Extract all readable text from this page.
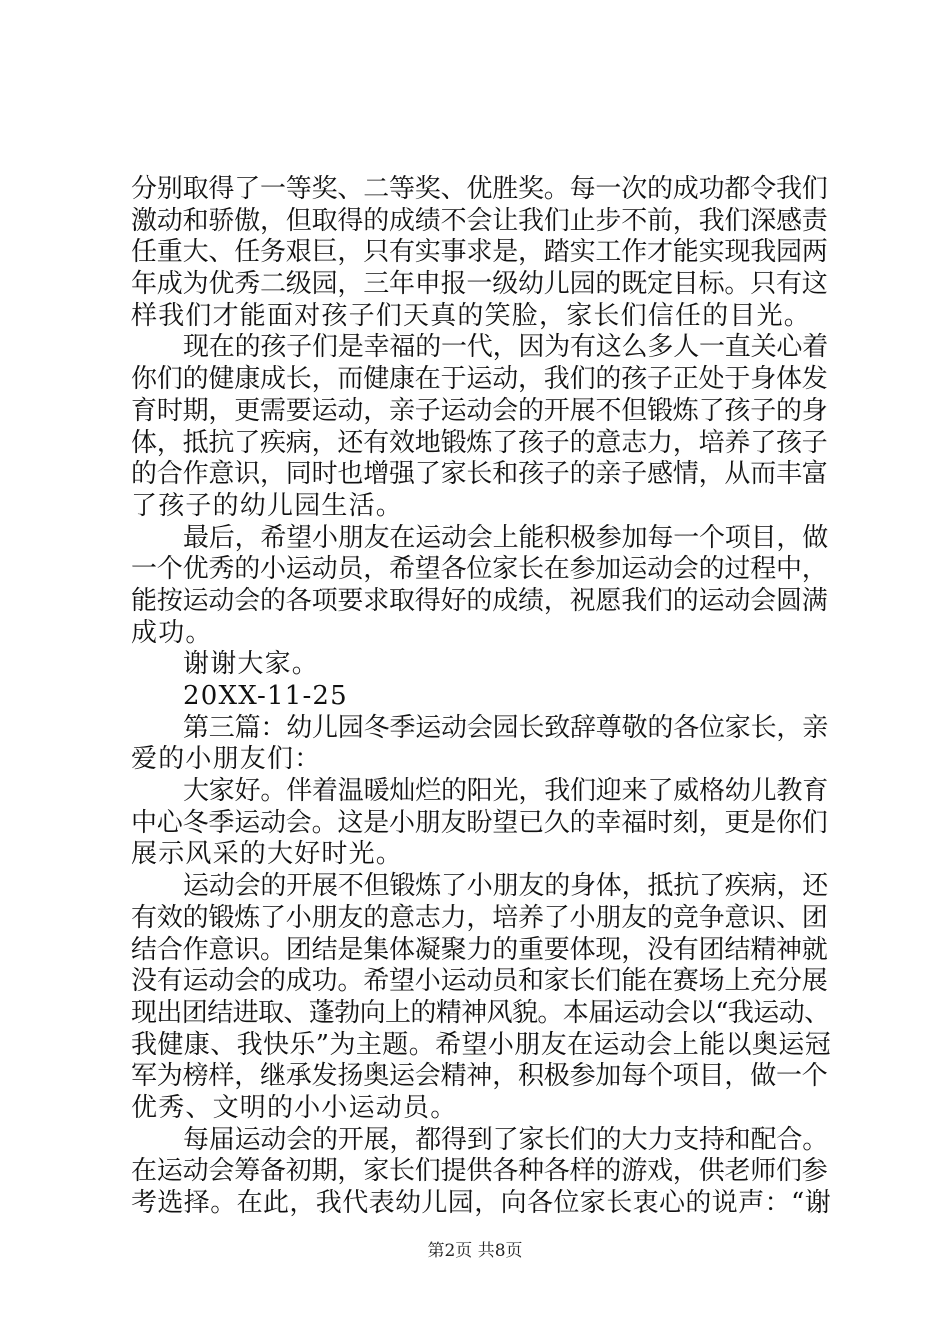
分别取得了一等奖、二等奖、优胜奖。每一次的成功都令我们
激动和骄傲，但取得的成绩不会让我们止步不前，我们深感责
任重大、任务艰巨，只有实事求是，踏实工作才能实现我园两
年成为优秀二级园，三年申报一级幼儿园的既定目标。只有这
样我们才能面对孩子们天真的笑脸，家长们信任的目光。
现在的孩子们是幸福的一代，因为有这么多人一直关心着
你们的健康成长，而健康在于运动，我们的孩子正处于身体发
育时期，更需要运动，亲子运动会的开展不但锻炼了孩子的身
体，抵抗了疾病，还有效地锻炼了孩子的意志力，培养了孩子
的合作意识，同时也增强了家长和孩子的亲子感情，从而丰富
了孩子的幼儿园生活。
最后，希望小朋友在运动会上能积极参加每一个项目，做
一个优秀的小运动员，希望各位家长在参加运动会的过程中，
能按运动会的各项要求取得好的成绩，祝愿我们的运动会圆满
成功。
谢谢大家。
20XX-11-25
第三篇：幼儿园冬季运动会园长致辞尊敬的各位家长，亲
爱的小朋友们：
大家好。伴着温暖灿烂的阳光，我们迎来了威格幼儿教育
中心冬季运动会。这是小朋友盼望已久的幸福时刻，更是你们
展示风采的大好时光。
运动会的开展不但锻炼了小朋友的身体，抵抗了疾病，还
有效的锻炼了小朋友的意志力，培养了小朋友的竞争意识、团
结合作意识。团结是集体凝聚力的重要体现，没有团结精神就
没有运动会的成功。希望小运动员和家长们能在赛场上充分展
现出团结进取、蓬勃向上的精神风貌。本届运动会以“我运动、
我健康、我快乐”为主题。希望小朋友在运动会上能以奥运冠
军为榜样，继承发扬奥运会精神，积极参加每个项目，做一个
优秀、文明的小小运动员。
每届运动会的开展，都得到了家长们的大力支持和配合。
在运动会筹备初期，家长们提供各种各样的游戏，供老师们参
考选择。在此，我代表幼儿园，向各位家长衷心的说声：“谢
第2页 共8页
